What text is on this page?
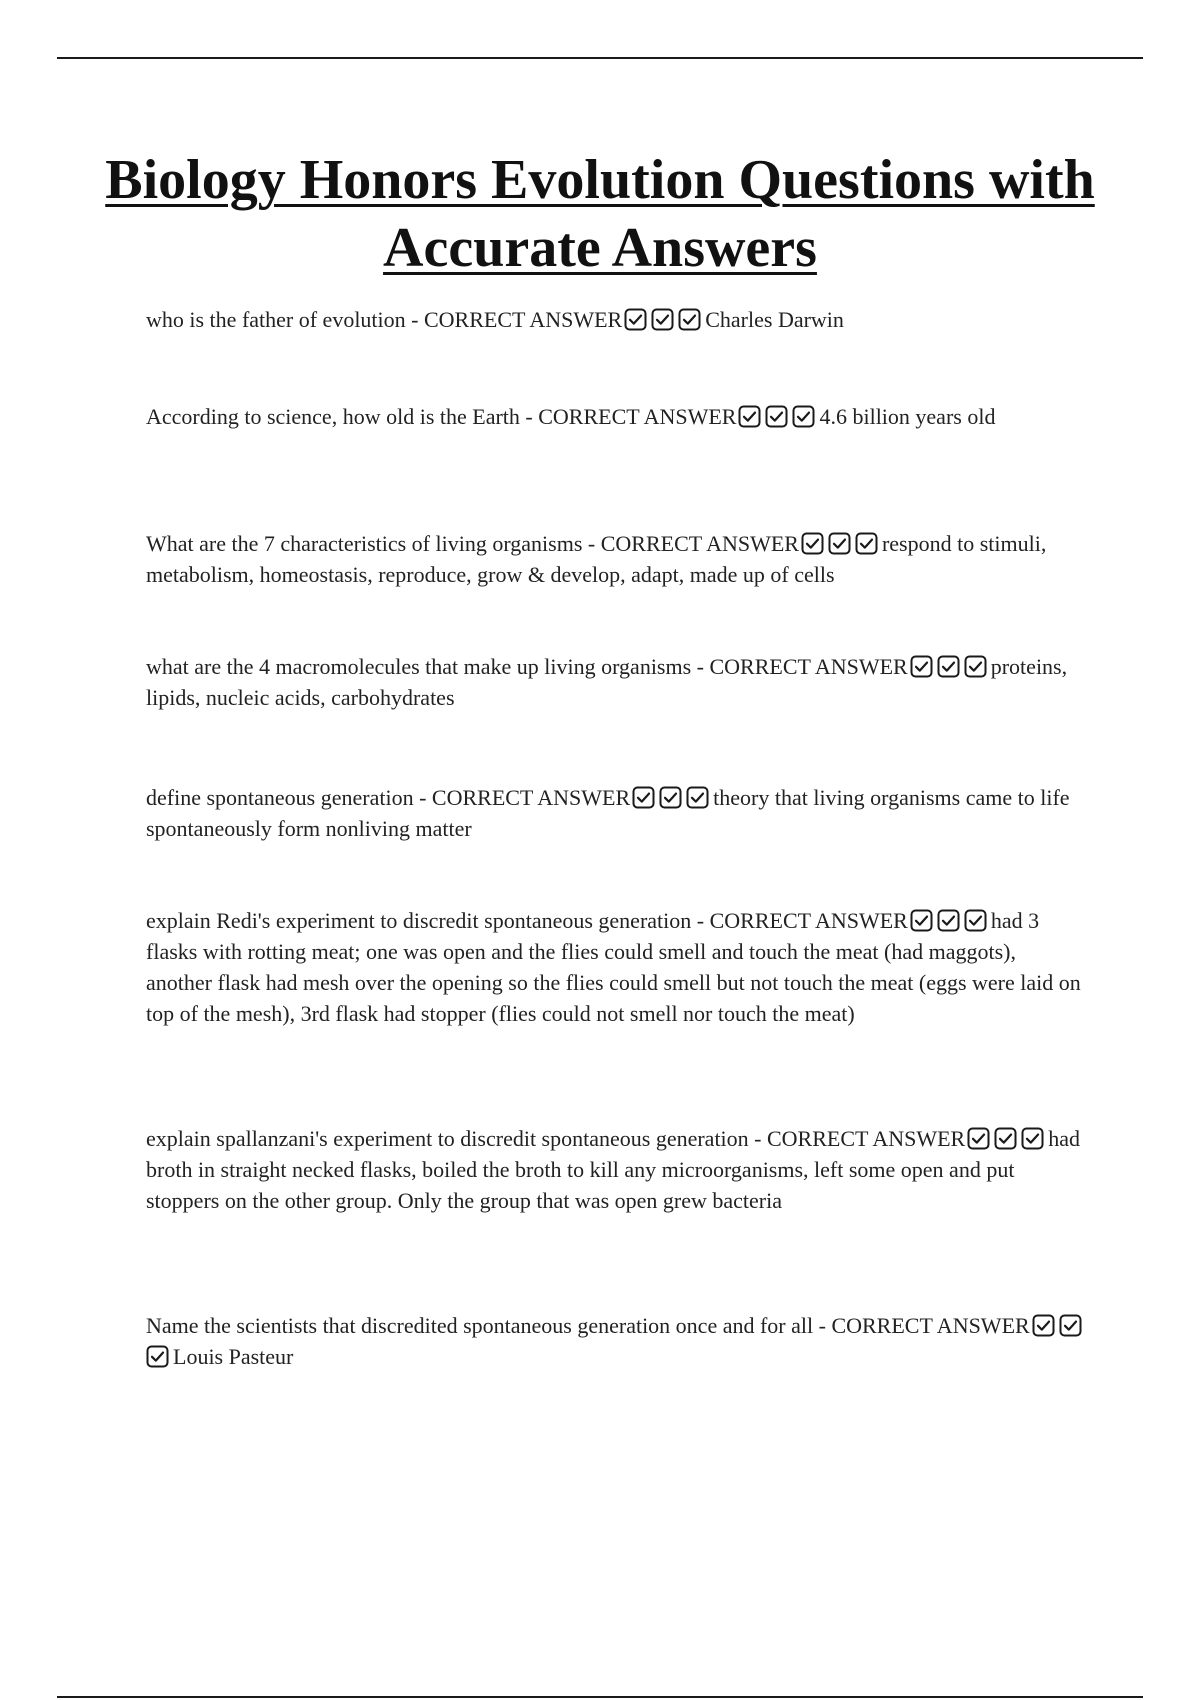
Biology Honors Evolution Questions with Accurate Answers
who is the father of evolution - CORRECT ANSWER	Charles Darwin
According to science, how old is the Earth - CORRECT ANSWER	4.6 billion years old
What are the 7 characteristics of living organisms - CORRECT ANSWER	respond to stimuli, metabolism, homeostasis, reproduce, grow & develop, adapt, made up of cells
what are the 4 macromolecules that make up living organisms - CORRECT ANSWER	proteins, lipids, nucleic acids, carbohydrates
define spontaneous generation - CORRECT ANSWER	theory that living organisms came to life spontaneously form nonliving matter
explain Redi's experiment to discredit spontaneous generation - CORRECT ANSWER	had 3 flasks with rotting meat; one was open and the flies could smell and touch the meat (had maggots), another flask had mesh over the opening so the flies could smell but not touch the meat (eggs were laid on top of the mesh), 3rd flask had stopper (flies could not smell nor touch the meat)
explain spallanzani's experiment to discredit spontaneous generation - CORRECT ANSWER	had broth in straight necked flasks, boiled the broth to kill any microorganisms, left some open and put stoppers on the other group. Only the group that was open grew bacteria
Name the scientists that discredited spontaneous generation once and for all - CORRECT ANSWER
Louis Pasteur
